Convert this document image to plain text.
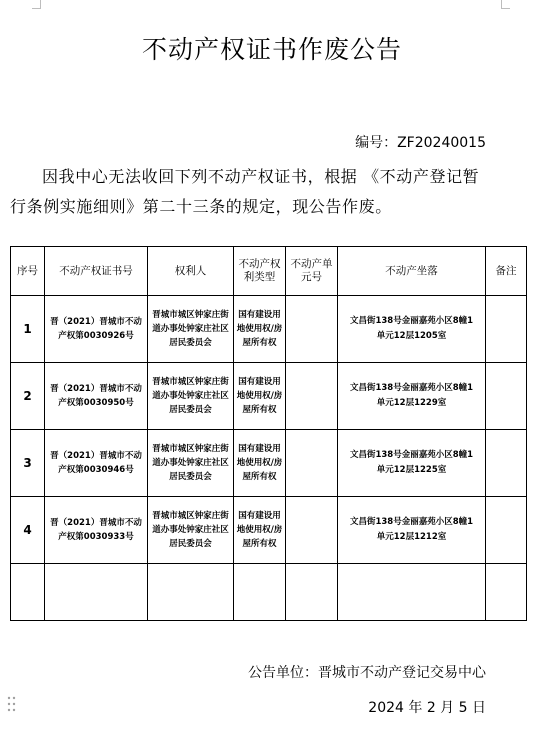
不动产权证书作废公告
编号：ZF20240015
因我中心无法收回下列不动产权证书，根据 《不动产登记暂行条例实施细则》第二十三条的规定，现公告作废。
序号	不动产权证书号	权利人	不动产权利类型	不动产单元号	不动产坐落	备注
1	晋（2021）晋城市不动产权第0030926号	晋城市城区钟家庄街道办事处钟家庄社区居民委员会	国有建设用地使用权/房屋所有权		文昌街138号金丽嘉苑小区8幢1单元12层1205室	
2	晋（2021）晋城市不动产权第0030950号	晋城市城区钟家庄街道办事处钟家庄社区居民委员会	国有建设用地使用权/房屋所有权		文昌街138号金丽嘉苑小区8幢1单元12层1229室	
3	晋（2021）晋城市不动产权第0030946号	晋城市城区钟家庄街道办事处钟家庄社区居民委员会	国有建设用地使用权/房屋所有权		文昌街138号金丽嘉苑小区8幢1单元12层1225室	
4	晋（2021）晋城市不动产权第0030933号	晋城市城区钟家庄街道办事处钟家庄社区居民委员会	国有建设用地使用权/房屋所有权		文昌街138号金丽嘉苑小区8幢1单元12层1212室	

公告单位：晋城市不动产登记交易中心
2024 年 2 月 5 日
